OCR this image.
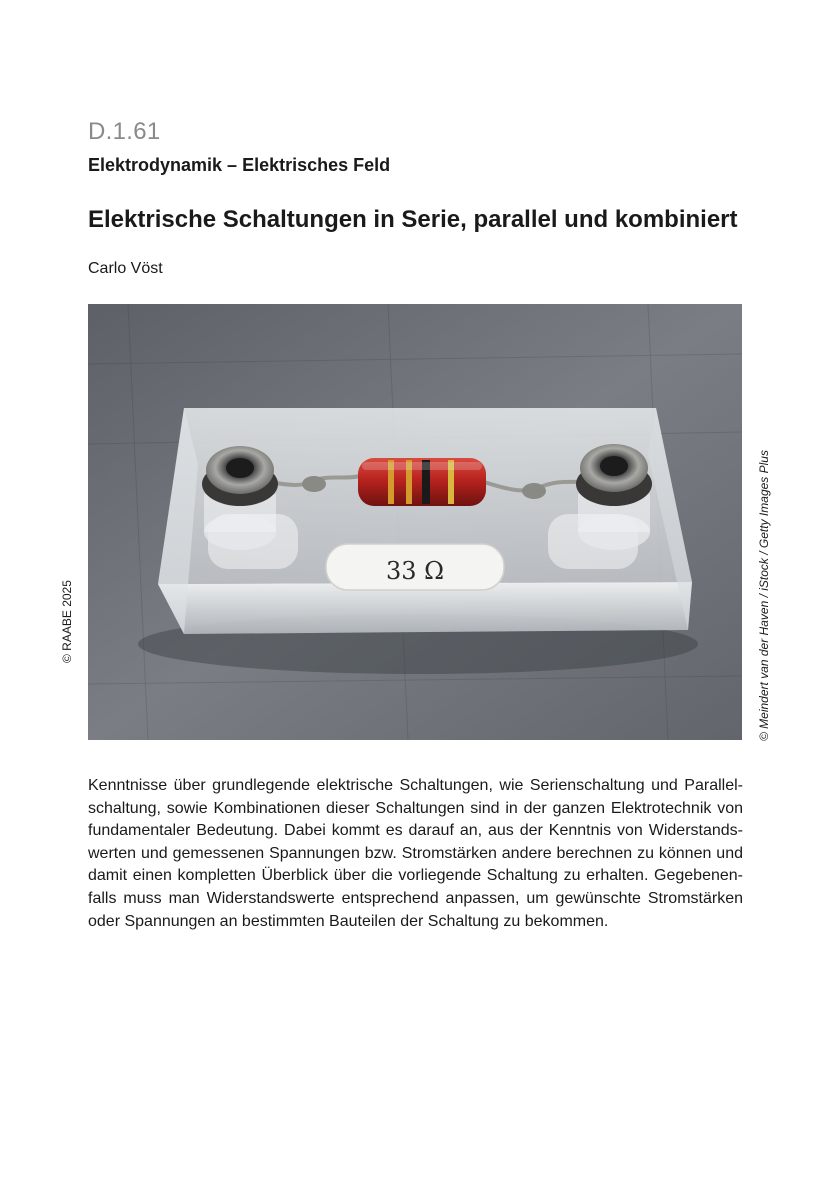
D.1.61
Elektrodynamik – Elektrisches Feld
Elektrische Schaltungen in Serie, parallel und kombiniert
Carlo Vöst
33 Ω
© RAABE 2025	© Meindert van der Haven / iStock / Getty Images Plus
Kenntnisse über grundlegende elektrische Schaltungen, wie Serienschaltung und Parallelschaltung, sowie Kombinationen dieser Schaltungen sind in der ganzen Elektrotechnik von fundamentaler Bedeutung. Dabei kommt es darauf an, aus der Kenntnis von Widerstandswerten und gemessenen Spannungen bzw. Stromstärken andere berechnen zu können und damit einen kompletten Überblick über die vorliegende Schaltung zu erhalten. Gegebenenfalls muss man Widerstandswerte entsprechend anpassen, um gewünschte Stromstärken oder Spannungen an bestimmten Bauteilen der Schaltung zu bekommen.
